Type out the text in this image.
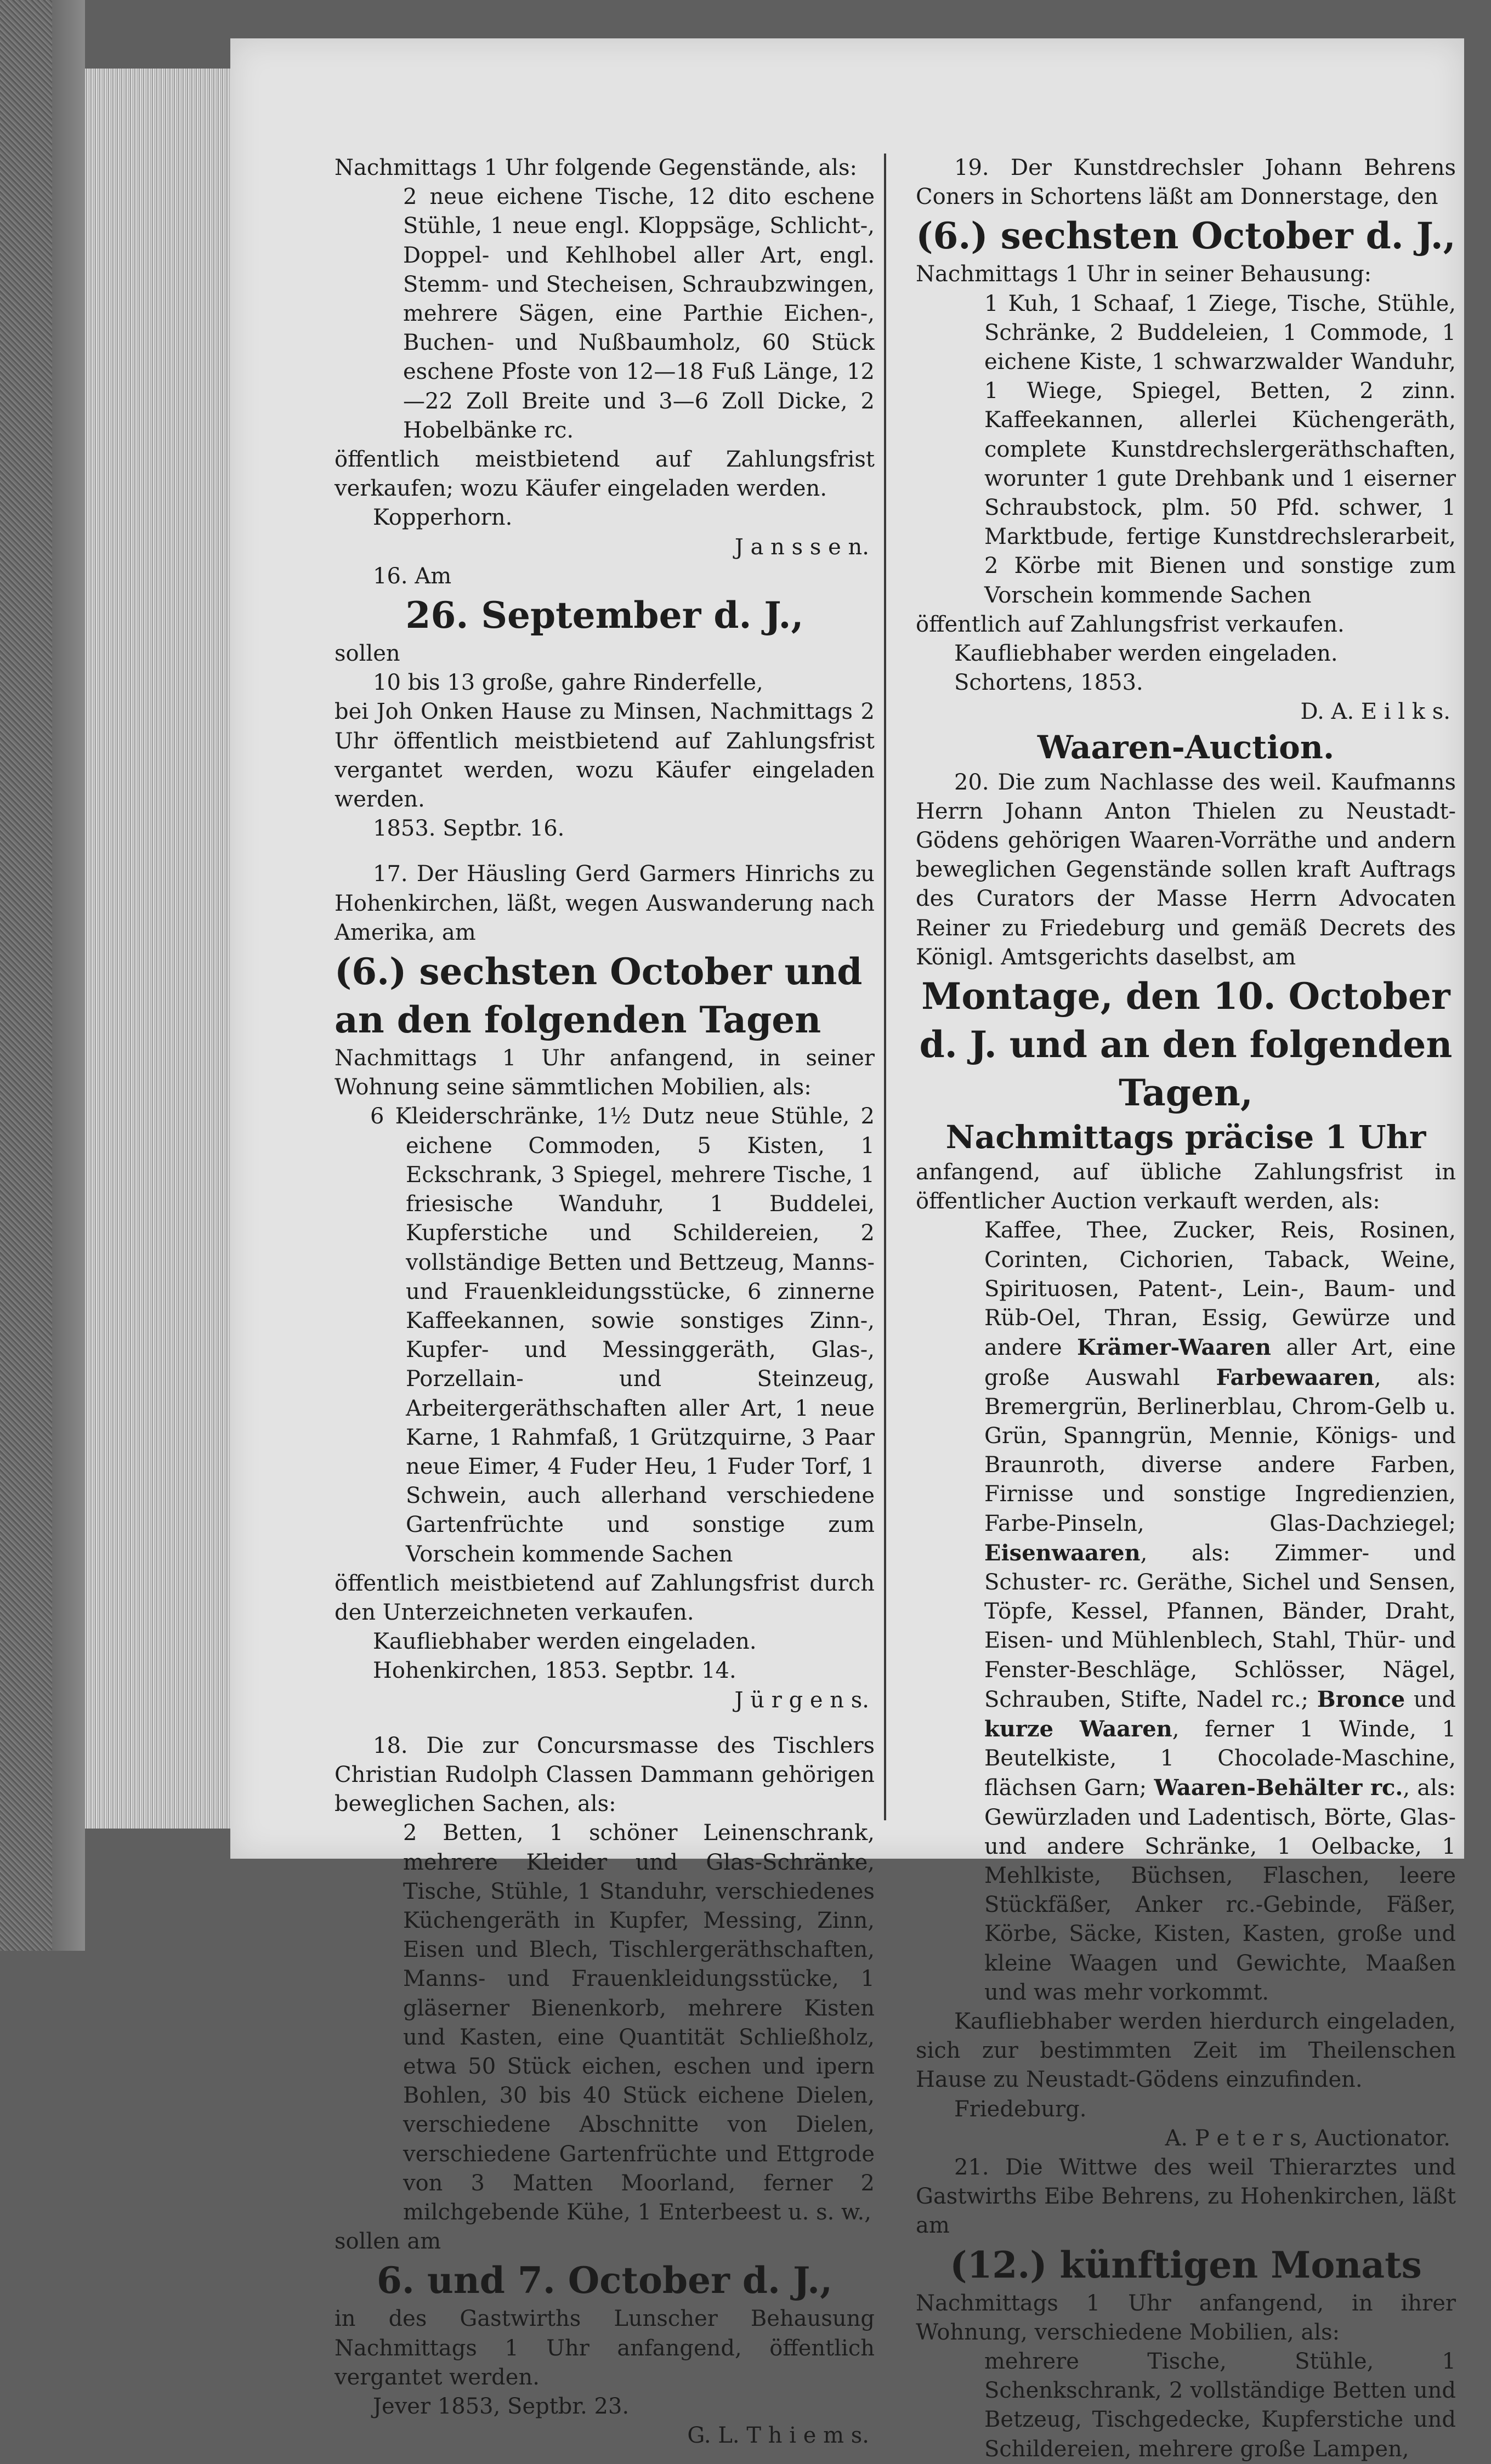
Nachmittags 1 Uhr folgende Gegenstände, als:

2 neue eichene Tische, 12 dito eschene Stühle, 1 neue engl. Kloppsäge, Schlicht-, Doppel- und Kehlhobel aller Art, engl. Stemm- und Stecheisen, Schraubzwingen, mehrere Sägen, eine Parthie Eichen-, Buchen- und Nußbaumholz, 60 Stück eschene Pfoste von 12—18 Fuß Länge, 12—22 Zoll Breite und 3—6 Zoll Dicke, 2 Hobelbänke rc.

öffentlich meistbietend auf Zahlungsfrist verkaufen; wozu Käufer eingeladen werden.

Kopperhorn.

J a n s s e n.

16. Am

26. September d. J.,

sollen

10 bis 13 große, gahre Rinderfelle,

bei Joh Onken Hause zu Minsen, Nachmittags 2 Uhr öffentlich meistbietend auf Zahlungsfrist vergantet werden, wozu Käufer eingeladen werden.

1853. Septbr. 16.

17. Der Häusling Gerd Garmers Hinrichs zu Hohenkirchen, läßt, wegen Auswanderung nach Amerika, am

(6.) sechsten October und an den folgenden Tagen

Nachmittags 1 Uhr anfangend, in seiner Wohnung seine sämmtlichen Mobilien, als:

6 Kleiderschränke, 1½ Dutz neue Stühle, 2 eichene Commoden, 5 Kisten, 1 Eckschrank, 3 Spiegel, mehrere Tische, 1 friesische Wanduhr, 1 Buddelei, Kupferstiche und Schildereien, 2 vollständige Betten und Bettzeug, Manns- und Frauenkleidungsstücke, 6 zinnerne Kaffeekannen, sowie sonstiges Zinn-, Kupfer- und Messinggeräth, Glas-, Porzellain- und Steinzeug, Arbeitergeräthschaften aller Art, 1 neue Karne, 1 Rahmfaß, 1 Grützquirne, 3 Paar neue Eimer, 4 Fuder Heu, 1 Fuder Torf, 1 Schwein, auch allerhand verschiedene Gartenfrüchte und sonstige zum Vorschein kommende Sachen

öffentlich meistbietend auf Zahlungsfrist durch den Unterzeichneten verkaufen.

Kaufliebhaber werden eingeladen.

Hohenkirchen, 1853. Septbr. 14.

J ü r g e n s.

18. Die zur Concursmasse des Tischlers Christian Rudolph Classen Dammann gehörigen beweglichen Sachen, als:

2 Betten, 1 schöner Leinenschrank, mehrere Kleider und Glas-Schränke, Tische, Stühle, 1 Standuhr, verschiedenes Küchengeräth in Kupfer, Messing, Zinn, Eisen und Blech, Tischlergeräthschaften, Manns- und Frauenkleidungsstücke, 1 gläserner Bienenkorb, mehrere Kisten und Kasten, eine Quantität Schließholz, etwa 50 Stück eichen, eschen und ipern Bohlen, 30 bis 40 Stück eichene Dielen, verschiedene Abschnitte von Dielen, verschiedene Gartenfrüchte und Ettgrode von 3 Matten Moorland, ferner 2 milchgebende Kühe, 1 Enterbeest u. s. w.,

sollen am

6. und 7. October d. J.,

in des Gastwirths Lunscher Behausung Nachmittags 1 Uhr anfangend, öffentlich vergantet werden.

Jever 1853, Septbr. 23.

G. L. T h i e m s.

19. Der Kunstdrechsler Johann Behrens Coners in Schortens läßt am Donnerstage, den

(6.) sechsten October d. J.,

Nachmittags 1 Uhr in seiner Behausung:

1 Kuh, 1 Schaaf, 1 Ziege, Tische, Stühle, Schränke, 2 Buddeleien, 1 Commode, 1 eichene Kiste, 1 schwarzwalder Wanduhr, 1 Wiege, Spiegel, Betten, 2 zinn. Kaffeekannen, allerlei Küchengeräth, complete Kunstdrechslergeräthschaften, worunter 1 gute Drehbank und 1 eiserner Schraubstock, plm. 50 Pfd. schwer, 1 Marktbude, fertige Kunstdrechslerarbeit, 2 Körbe mit Bienen und sonstige zum Vorschein kommende Sachen

öffentlich auf Zahlungsfrist verkaufen.

Kaufliebhaber werden eingeladen.

Schortens, 1853.

D. A. E i l k s.

Waaren-Auction.

20. Die zum Nachlasse des weil. Kaufmanns Herrn Johann Anton Thielen zu Neustadt-Gödens gehörigen Waaren-Vorräthe und andern beweglichen Gegenstände sollen kraft Auftrags des Curators der Masse Herrn Advocaten Reiner zu Friedeburg und gemäß Decrets des Königl. Amtsgerichts daselbst, am

Montage, den 10. October d. J. und an den folgenden Tagen,

Nachmittags präcise 1 Uhr

anfangend, auf übliche Zahlungsfrist in öffentlicher Auction verkauft werden, als:

Kaffee, Thee, Zucker, Reis, Rosinen, Corinten, Cichorien, Taback, Weine, Spirituosen, Patent-, Lein-, Baum- und Rüb-Oel, Thran, Essig, Gewürze und andere Krämer-Waaren aller Art, eine große Auswahl Farbewaaren, als: Bremergrün, Berlinerblau, Chrom-Gelb u. Grün, Spanngrün, Mennie, Königs- und Braunroth, diverse andere Farben, Firnisse und sonstige Ingredienzien, Farbe-Pinseln, Glas-Dachziegel; Eisenwaaren, als: Zimmer- und Schuster- rc. Geräthe, Sichel und Sensen, Töpfe, Kessel, Pfannen, Bänder, Draht, Eisen- und Mühlenblech, Stahl, Thür- und Fenster-Beschläge, Schlösser, Nägel, Schrauben, Stifte, Nadel rc.; Bronce und kurze Waaren, ferner 1 Winde, 1 Beutelkiste, 1 Chocolade-Maschine, flächsen Garn; Waaren-Behälter rc., als: Gewürzladen und Ladentisch, Börte, Glas- und andere Schränke, 1 Oelbacke, 1 Mehlkiste, Büchsen, Flaschen, leere Stückfäßer, Anker rc.-Gebinde, Fäßer, Körbe, Säcke, Kisten, Kasten, große und kleine Waagen und Gewichte, Maaßen und was mehr vorkommt.

Kaufliebhaber werden hierdurch eingeladen, sich zur bestimmten Zeit im Theilenschen Hause zu Neustadt-Gödens einzufinden.

Friedeburg.

A. P e t e r s, Auctionator.

21. Die Wittwe des weil Thierarztes und Gastwirths Eibe Behrens, zu Hohenkirchen, läßt am

(12.) künftigen Monats

Nachmittags 1 Uhr anfangend, in ihrer Wohnung, verschiedene Mobilien, als:

mehrere Tische, Stühle, 1 Schenkschrank, 2 vollständige Betten und Betzeug, Tischgedecke, Kupferstiche und Schildereien, mehrere große Lampen,
